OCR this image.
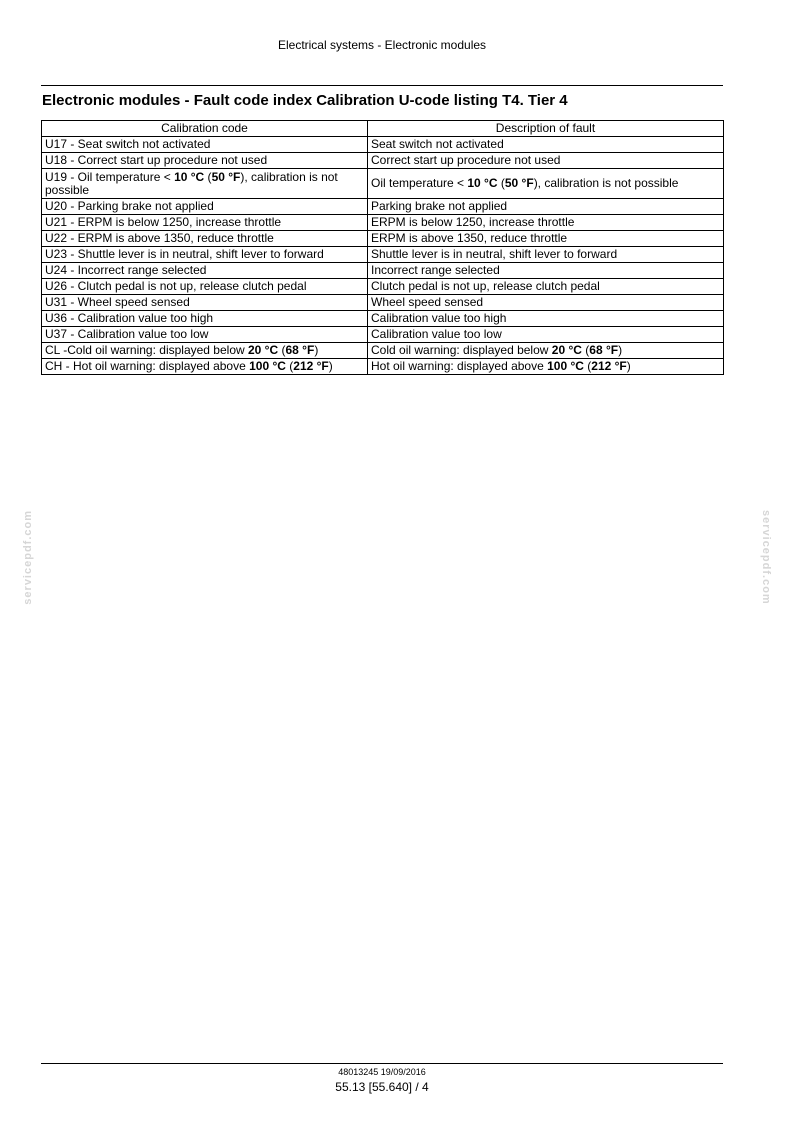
Electrical systems - Electronic modules
Electronic modules - Fault code index Calibration U-code listing T4. Tier 4
Calibration code	Description of fault
U17 - Seat switch not activated	Seat switch not activated
U18 - Correct start up procedure not used	Correct start up procedure not used
U19 - Oil temperature < 10 °C (50 °F), calibration is not possible	Oil temperature < 10 °C (50 °F), calibration is not possible
U20 - Parking brake not applied	Parking brake not applied
U21 - ERPM is below 1250, increase throttle	ERPM is below 1250, increase throttle
U22 - ERPM is above 1350, reduce throttle	ERPM is above 1350, reduce throttle
U23 - Shuttle lever is in neutral, shift lever to forward	Shuttle lever is in neutral, shift lever to forward
U24 - Incorrect range selected	Incorrect range selected
U26 - Clutch pedal is not up, release clutch pedal	Clutch pedal is not up, release clutch pedal
U31 - Wheel speed sensed	Wheel speed sensed
U36 - Calibration value too high	Calibration value too high
U37 - Calibration value too low	Calibration value too low
CL -Cold oil warning: displayed below 20 °C (68 °F)	Cold oil warning: displayed below 20 °C (68 °F)
CH - Hot oil warning: displayed above 100 °C (212 °F)	Hot oil warning: displayed above 100 °C (212 °F)
servicepdf.com	servicepdf.com
48013245 19/09/2016
55.13 [55.640] / 4
